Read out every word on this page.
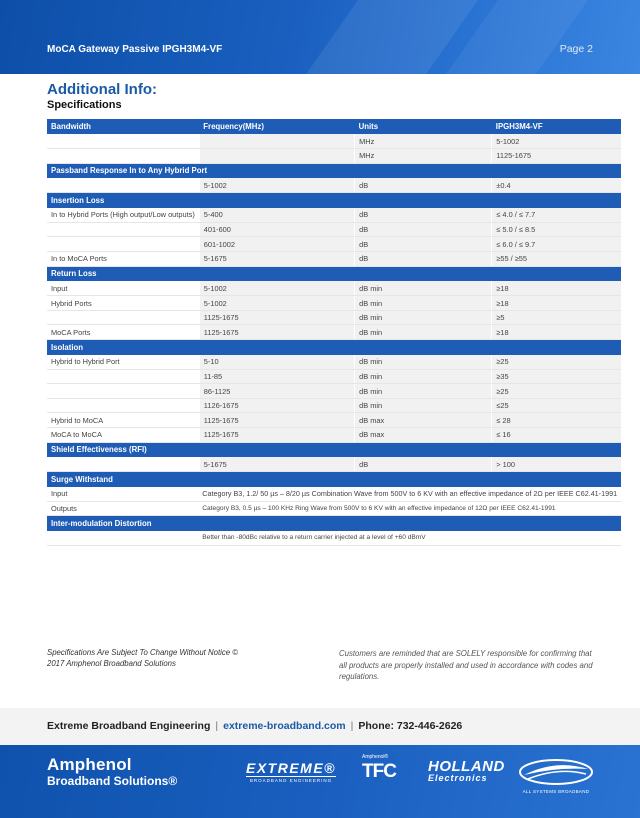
MoCA Gateway Passive IPGH3M4-VF	Page 2
Additional Info:
Specifications
Bandwidth	Frequency(MHz)	Units	IPGH3M4-VF
		MHz	5-1002
		MHz	1125-1675
Passband Response In to Any Hybrid Port			
	5-1002	dB	±0.4
Insertion Loss			
In to Hybrid Ports (High output/Low outputs)	5-400	dB	≤ 4.0 / ≤ 7.7
	401-600	dB	≤ 5.0 / ≤ 8.5
	601-1002	dB	≤ 6.0 / ≤ 9.7
In to MoCA Ports	5-1675	dB	≥55 / ≥55
Return Loss			
Input	5-1002	dB min	≥18
Hybrid Ports	5-1002	dB min	≥18
	1125-1675	dB min	≥5
MoCA Ports	1125-1675	dB min	≥18
Isolation			
Hybrid to Hybrid Port	5-10	dB min	≥25
	11-85	dB min	≥35
	86-1125	dB min	≥25
	1126-1675	dB min	≤25
Hybrid to MoCA	1125-1675	dB max	≤ 28
MoCA to MoCA	1125-1675	dB max	≤ 16
Shield Effectiveness (RFI)			
	5-1675	dB	> 100
Surge Withstand			
Input	Category B3, 1.2/ 50 µs – 8/20 µs Combination Wave from 500V to 6 KV with an effective impedance of 2Ω per IEEE C62.41-1991		
Outputs	Category B3, 0.5 µs – 100 KHz Ring Wave from 500V to 6 KV with an effective impedance of 12Ω per IEEE C62.41-1991		
Inter-modulation Distortion			
	Better than -80dBc relative to a return carrier injected at a level of +60 dBmV		
Specifications Are Subject To Change Without Notice ©
2017 Amphenol Broadband Solutions
Customers are reminded that are SOLELY responsible for confirming that all products are properly installed and used in accordance with codes and regulations.
Extreme Broadband Engineering | extreme-broadband.com | Phone: 732-446-2626
Amphenol
Broadband Solutions®
EXTREME®
BROADBAND ENGINEERING
Amphenol®
TFC HOLLAND
Electronics
ALL SYSTEMS BROADBAND
